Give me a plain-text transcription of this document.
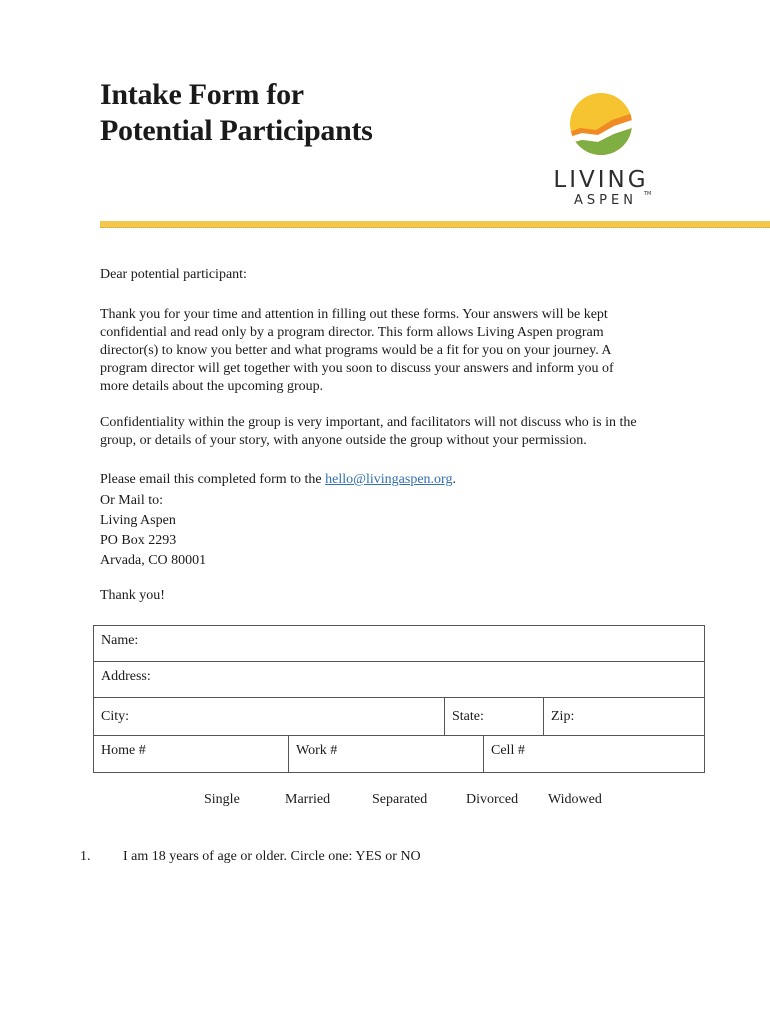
Intake Form for
Potential Participants
LIVING
ASPEN TM

Dear potential participant:

Thank you for your time and attention in filling out these forms. Your answers will be kept
confidential and read only by a program director. This form allows Living Aspen program
director(s) to know you better and what programs would be a fit for you on your journey. A
program director will get together with you soon to discuss your answers and inform you of
more details about the upcoming group.
Confidentiality within the group is very important, and facilitators will not discuss who is in the
group, or details of your story, with anyone outside the group without your permission.
Please email this completed form to the hello@livingaspen.org.
Or Mail to:
Living Aspen
PO Box 2293
Arvada, CO 80001

Thank you!

Name:
Address:
City:	State:	Zip:
Home #	Work #	Cell #
Single	Married	Separated	Divorced Widowed
1. I am 18 years of age or older. Circle one: YES or NO
